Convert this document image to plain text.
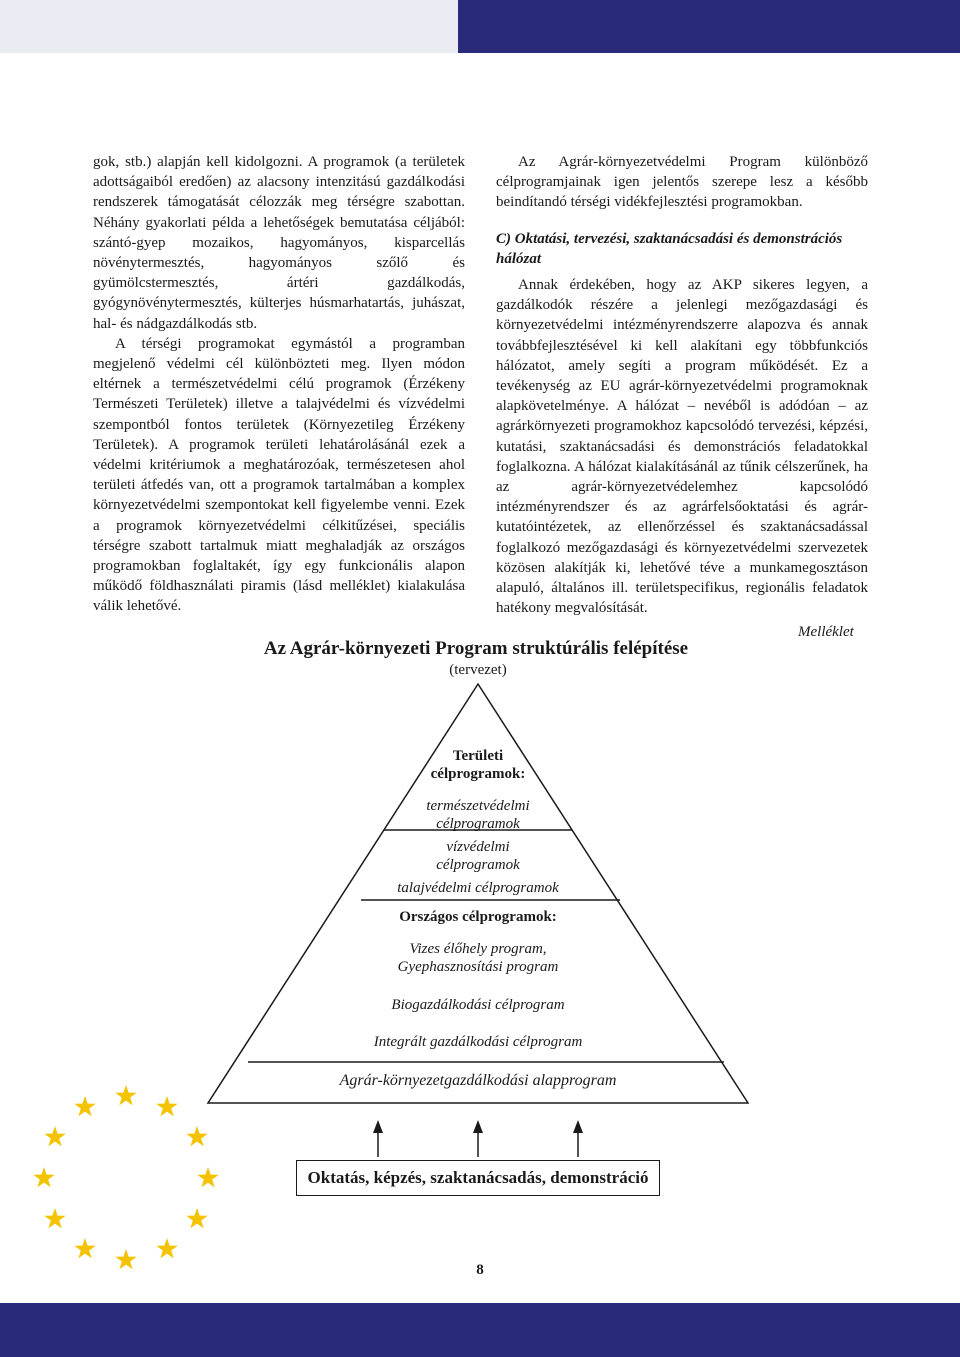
gok, stb.) alapján kell kidolgozni. A programok (a területek adottságaiból eredően) az alacsony intenzitású gazdálkodási rendszerek támogatását célozzák meg térségre szabottan. Néhány gyakorlati példa a lehetőségek bemutatása céljából: szántó-gyep mozaikos, hagyományos, kisparcellás növénytermesztés, hagyományos szőlő és gyümölcstermesztés, ártéri gazdálkodás, gyógynövénytermesztés, külterjes húsmarhatartás, juhászat, hal- és nádgazdálkodás stb.

A térségi programokat egymástól a programban megjelenő védelmi cél különbözteti meg. Ilyen módon eltérnek a természetvédelmi célú programok (Érzékeny Természeti Területek) illetve a talajvédelmi és vízvédelmi szempontból fontos területek (Környezetileg Érzékeny Területek). A programok területi lehatárolásánál ezek a védelmi kritériumok a meghatározóak, természetesen ahol területi átfedés van, ott a programok tartalmában a komplex környezetvédelmi szempontokat kell figyelembe venni. Ezek a programok környezetvédelmi célkitűzései, speciális térségre szabott tartalmuk miatt meghaladják az országos programokban foglaltakét, így egy funkcionális alapon működő földhasználati piramis (lásd melléklet) kialakulása válik lehetővé.

Az Agrár-környezetvédelmi Program különböző célprogramjainak igen jelentős szerepe lesz a később beindítandó térségi vidékfejlesztési programokban.

C) Oktatási, tervezési, szaktanácsadási és demonstrációs hálózat

Annak érdekében, hogy az AKP sikeres legyen, a gazdálkodók részére a jelenlegi mezőgazdasági és környezetvédelmi intézményrendszerre alapozva és annak továbbfejlesztésével ki kell alakítani egy többfunkciós hálózatot, amely segíti a program működését. Ez a tevékenység az EU agrár-környezetvédelmi programoknak alapkövetelménye. A hálózat – nevéből is adódóan – az agrárkörnyezeti programokhoz kapcsolódó tervezési, képzési, kutatási, szaktanácsadási és demonstrációs feladatokkal foglalkozna. A hálózat kialakításánál az tűnik célszerűnek, ha az agrár-környezetvédelemhez kapcsolódó intézményrendszer és az agrárfelsőoktatási és agrár-kutatóintézetek, az ellenőrzéssel és szaktanácsadással foglalkozó mezőgazdasági és környezetvédelmi szervezetek közösen alakítják ki, lehetővé téve a munkamegosztáson alapuló, általános ill. területspecifikus, regionális feladatok hatékony megvalósítását.

Melléklet
Az Agrár-környezeti Program struktúrális felépítése
(tervezet)
Területi célprogramok:
természetvédelmi célprogramok
vízvédelmi célprogramok
talajvédelmi célprogramok
Országos célprogramok:
Vizes élőhely program, Gyephasznosítási program
Biogazdálkodási célprogram
Integrált gazdálkodási célprogram
Agrár-környezetgazdálkodási alapprogram
Oktatás, képzés, szaktanácsadás, demonstráció
8
